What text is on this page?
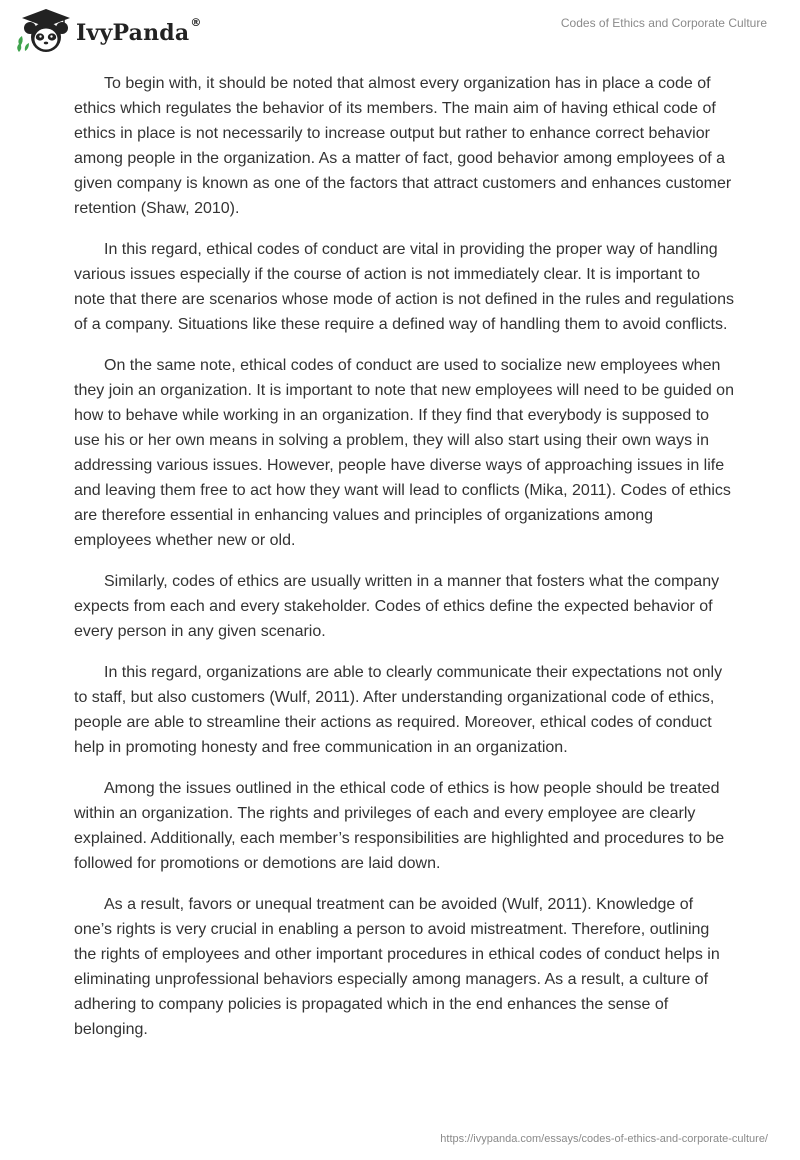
IvyPanda®	Codes of Ethics and Corporate Culture

To begin with, it should be noted that almost every organization has in place a code of ethics which regulates the behavior of its members. The main aim of having ethical code of ethics in place is not necessarily to increase output but rather to enhance correct behavior among people in the organization. As a matter of fact, good behavior among employees of a given company is known as one of the factors that attract customers and enhances customer retention (Shaw, 2010).

In this regard, ethical codes of conduct are vital in providing the proper way of handling various issues especially if the course of action is not immediately clear. It is important to note that there are scenarios whose mode of action is not defined in the rules and regulations of a company. Situations like these require a defined way of handling them to avoid conflicts.

On the same note, ethical codes of conduct are used to socialize new employees when they join an organization. It is important to note that new employees will need to be guided on how to behave while working in an organization. If they find that everybody is supposed to use his or her own means in solving a problem, they will also start using their own ways in addressing various issues. However, people have diverse ways of approaching issues in life and leaving them free to act how they want will lead to conflicts (Mika, 2011). Codes of ethics are therefore essential in enhancing values and principles of organizations among employees whether new or old.

Similarly, codes of ethics are usually written in a manner that fosters what the company expects from each and every stakeholder. Codes of ethics define the expected behavior of every person in any given scenario.

In this regard, organizations are able to clearly communicate their expectations not only to staff, but also customers (Wulf, 2011). After understanding organizational code of ethics, people are able to streamline their actions as required. Moreover, ethical codes of conduct help in promoting honesty and free communication in an organization.

Among the issues outlined in the ethical code of ethics is how people should be treated within an organization. The rights and privileges of each and every employee are clearly explained. Additionally, each member’s responsibilities are highlighted and procedures to be followed for promotions or demotions are laid down.

As a result, favors or unequal treatment can be avoided (Wulf, 2011). Knowledge of one’s rights is very crucial in enabling a person to avoid mistreatment. Therefore, outlining the rights of employees and other important procedures in ethical codes of conduct helps in eliminating unprofessional behaviors especially among managers. As a result, a culture of adhering to company policies is propagated which in the end enhances the sense of belonging.

https://ivypanda.com/essays/codes-of-ethics-and-corporate-culture/
